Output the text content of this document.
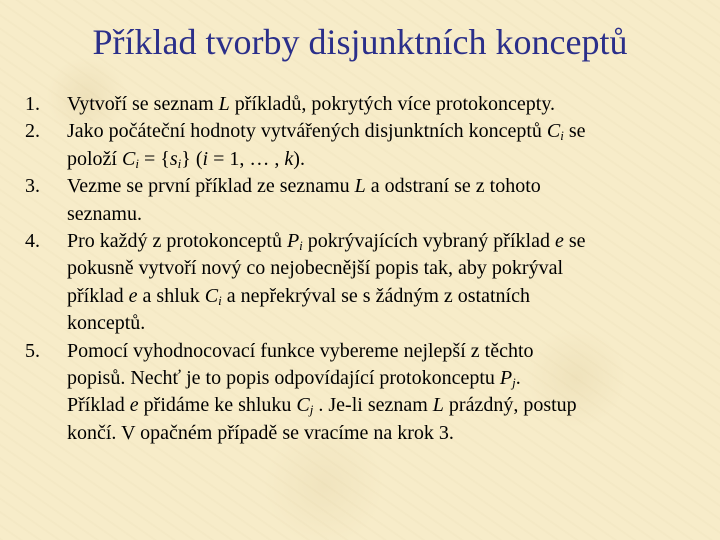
Příklad tvorby disjunktních konceptů
1.	Vytvoří se seznam L příkladů, pokrytých více protokoncepty.
2.	Jako počáteční hodnoty vytvářených disjunktních konceptů $C_i$ se
položí $C_i = \{s_i\} (i = 1$, … , k).
3.	Vezme se první příklad ze seznamu L a odstraní se z tohoto
seznamu.
4.	Pro každý z protokonceptů $P_i$ pokrývajících vybraný příklad e se
pokusně vytvoří nový co nejobecnější popis tak, aby pokrýval
příklad e a shluk $C_i$ a nepřekrýval se s žádným z ostatních
konceptů.
5.	Pomocí vyhodnocovací funkce vybereme nejlepší z těchto
popisů. Nechť je to popis odpovídající protokonceptu $P_j$.
Příklad e přidáme ke shluku $C_j$ . Je-li seznam L prázdný, postup
končí. V opačném případě se vracíme na krok 3.
